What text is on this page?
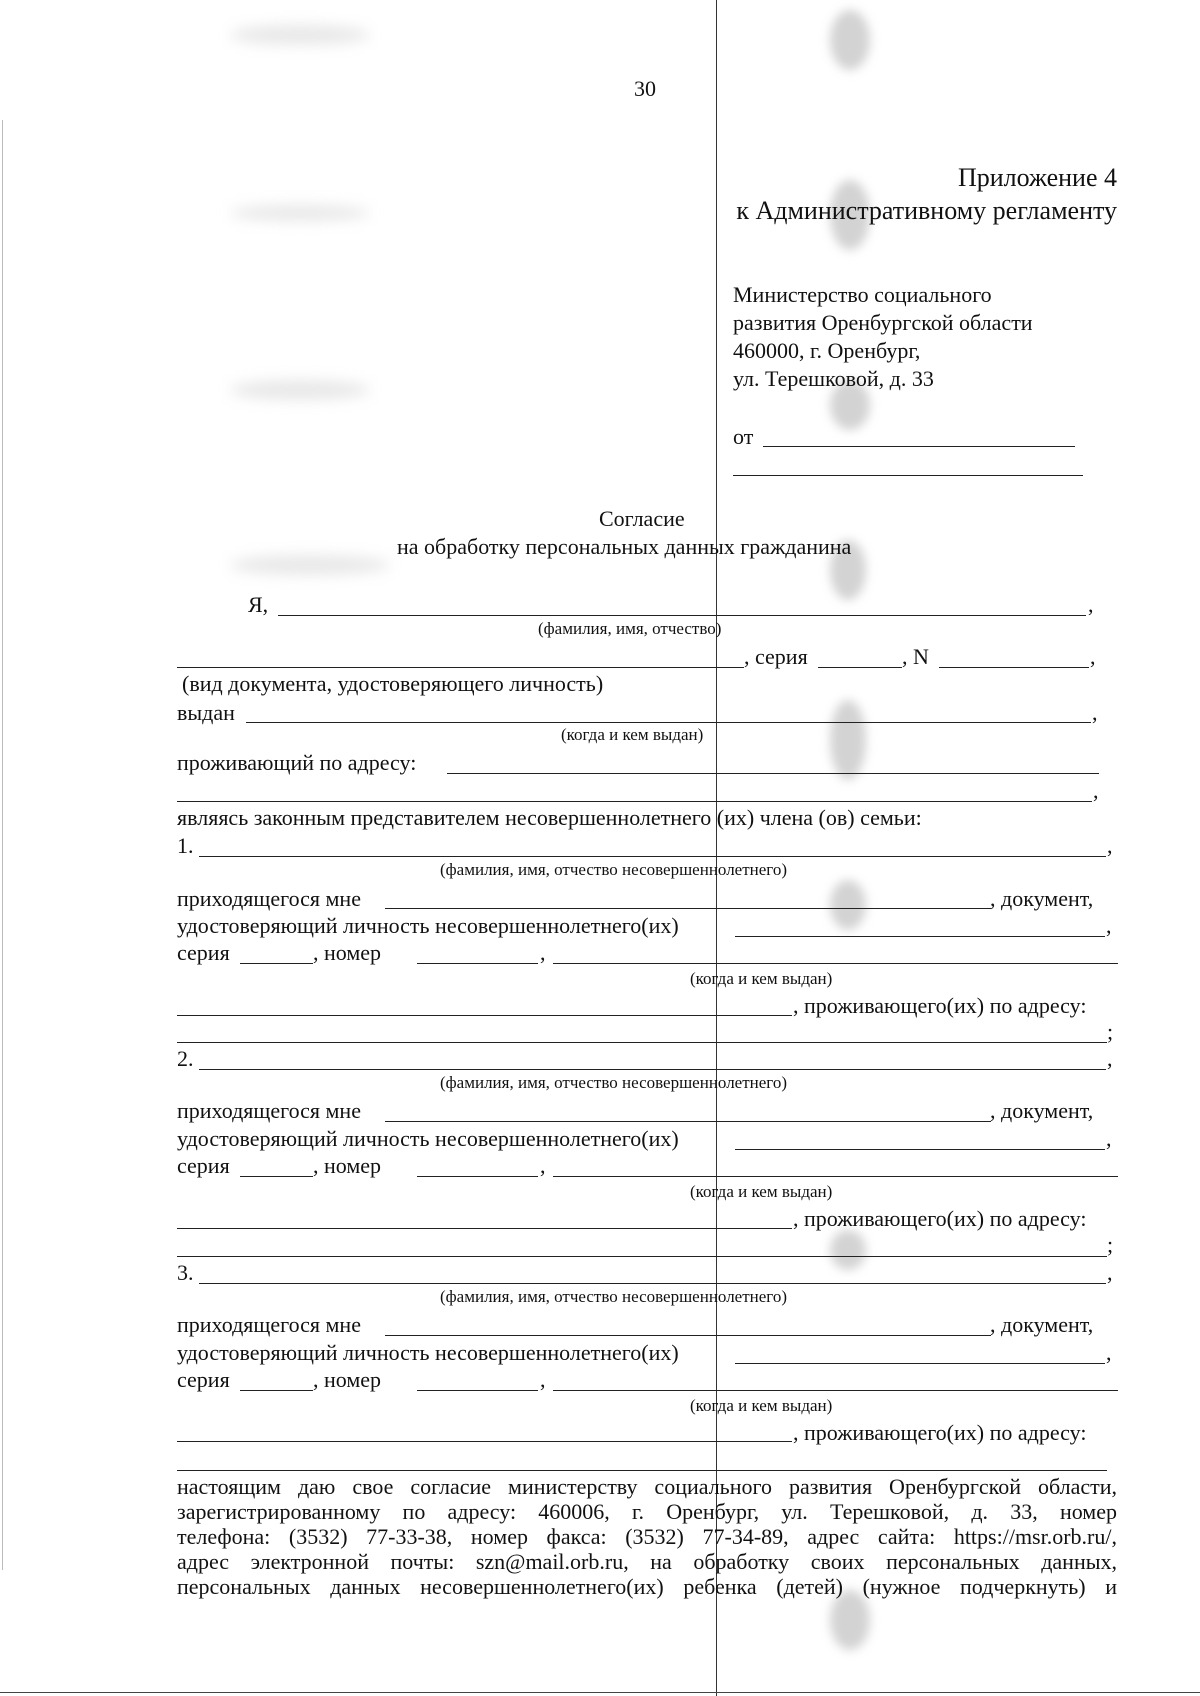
30
Приложение 4
к Административному регламенту
Министерство социального
развития Оренбургской области
460000, г. Оренбург,
ул. Терешковой, д. 33
от
Согласие
на обработку персональных данных гражданина
Я,	,
(фамилия, имя, отчество)
, серия	, N	,
(вид документа, удостоверяющего личность)
выдан	,
(когда и кем выдан)
проживающий по адресу:
,
являясь законным представителем несовершеннолетнего (их) члена (ов) семьи:
1.	,
(фамилия, имя, отчество несовершеннолетнего)
приходящегося мне	, документ,
удостоверяющий личность несовершеннолетнего(их)	,
серия	, номер	,
(когда и кем выдан)
, проживающего(их) по адресу:
;
2.	,
(фамилия, имя, отчество несовершеннолетнего)
приходящегося мне	, документ,
удостоверяющий личность несовершеннолетнего(их)	,
серия	, номер	,
(когда и кем выдан)
, проживающего(их) по адресу:
;
3.	,
(фамилия, имя, отчество несовершеннолетнего)
приходящегося мне	, документ,
удостоверяющий личность несовершеннолетнего(их)	,
серия	, номер	,
(когда и кем выдан)
, проживающего(их) по адресу:
настоящим даю свое согласие министерству социального развития Оренбургской области,
зарегистрированному по адресу: 460006, г. Оренбург, ул. Терешковой, д. 33, номер
телефона: (3532) 77-33-38, номер факса: (3532) 77-34-89, адрес сайта: https://msr.orb.ru/,
адрес электронной почты: szn@mail.orb.ru, на обработку своих персональных данных,
персональных данных несовершеннолетнего(их) ребенка (детей) (нужное подчеркнуть) и
